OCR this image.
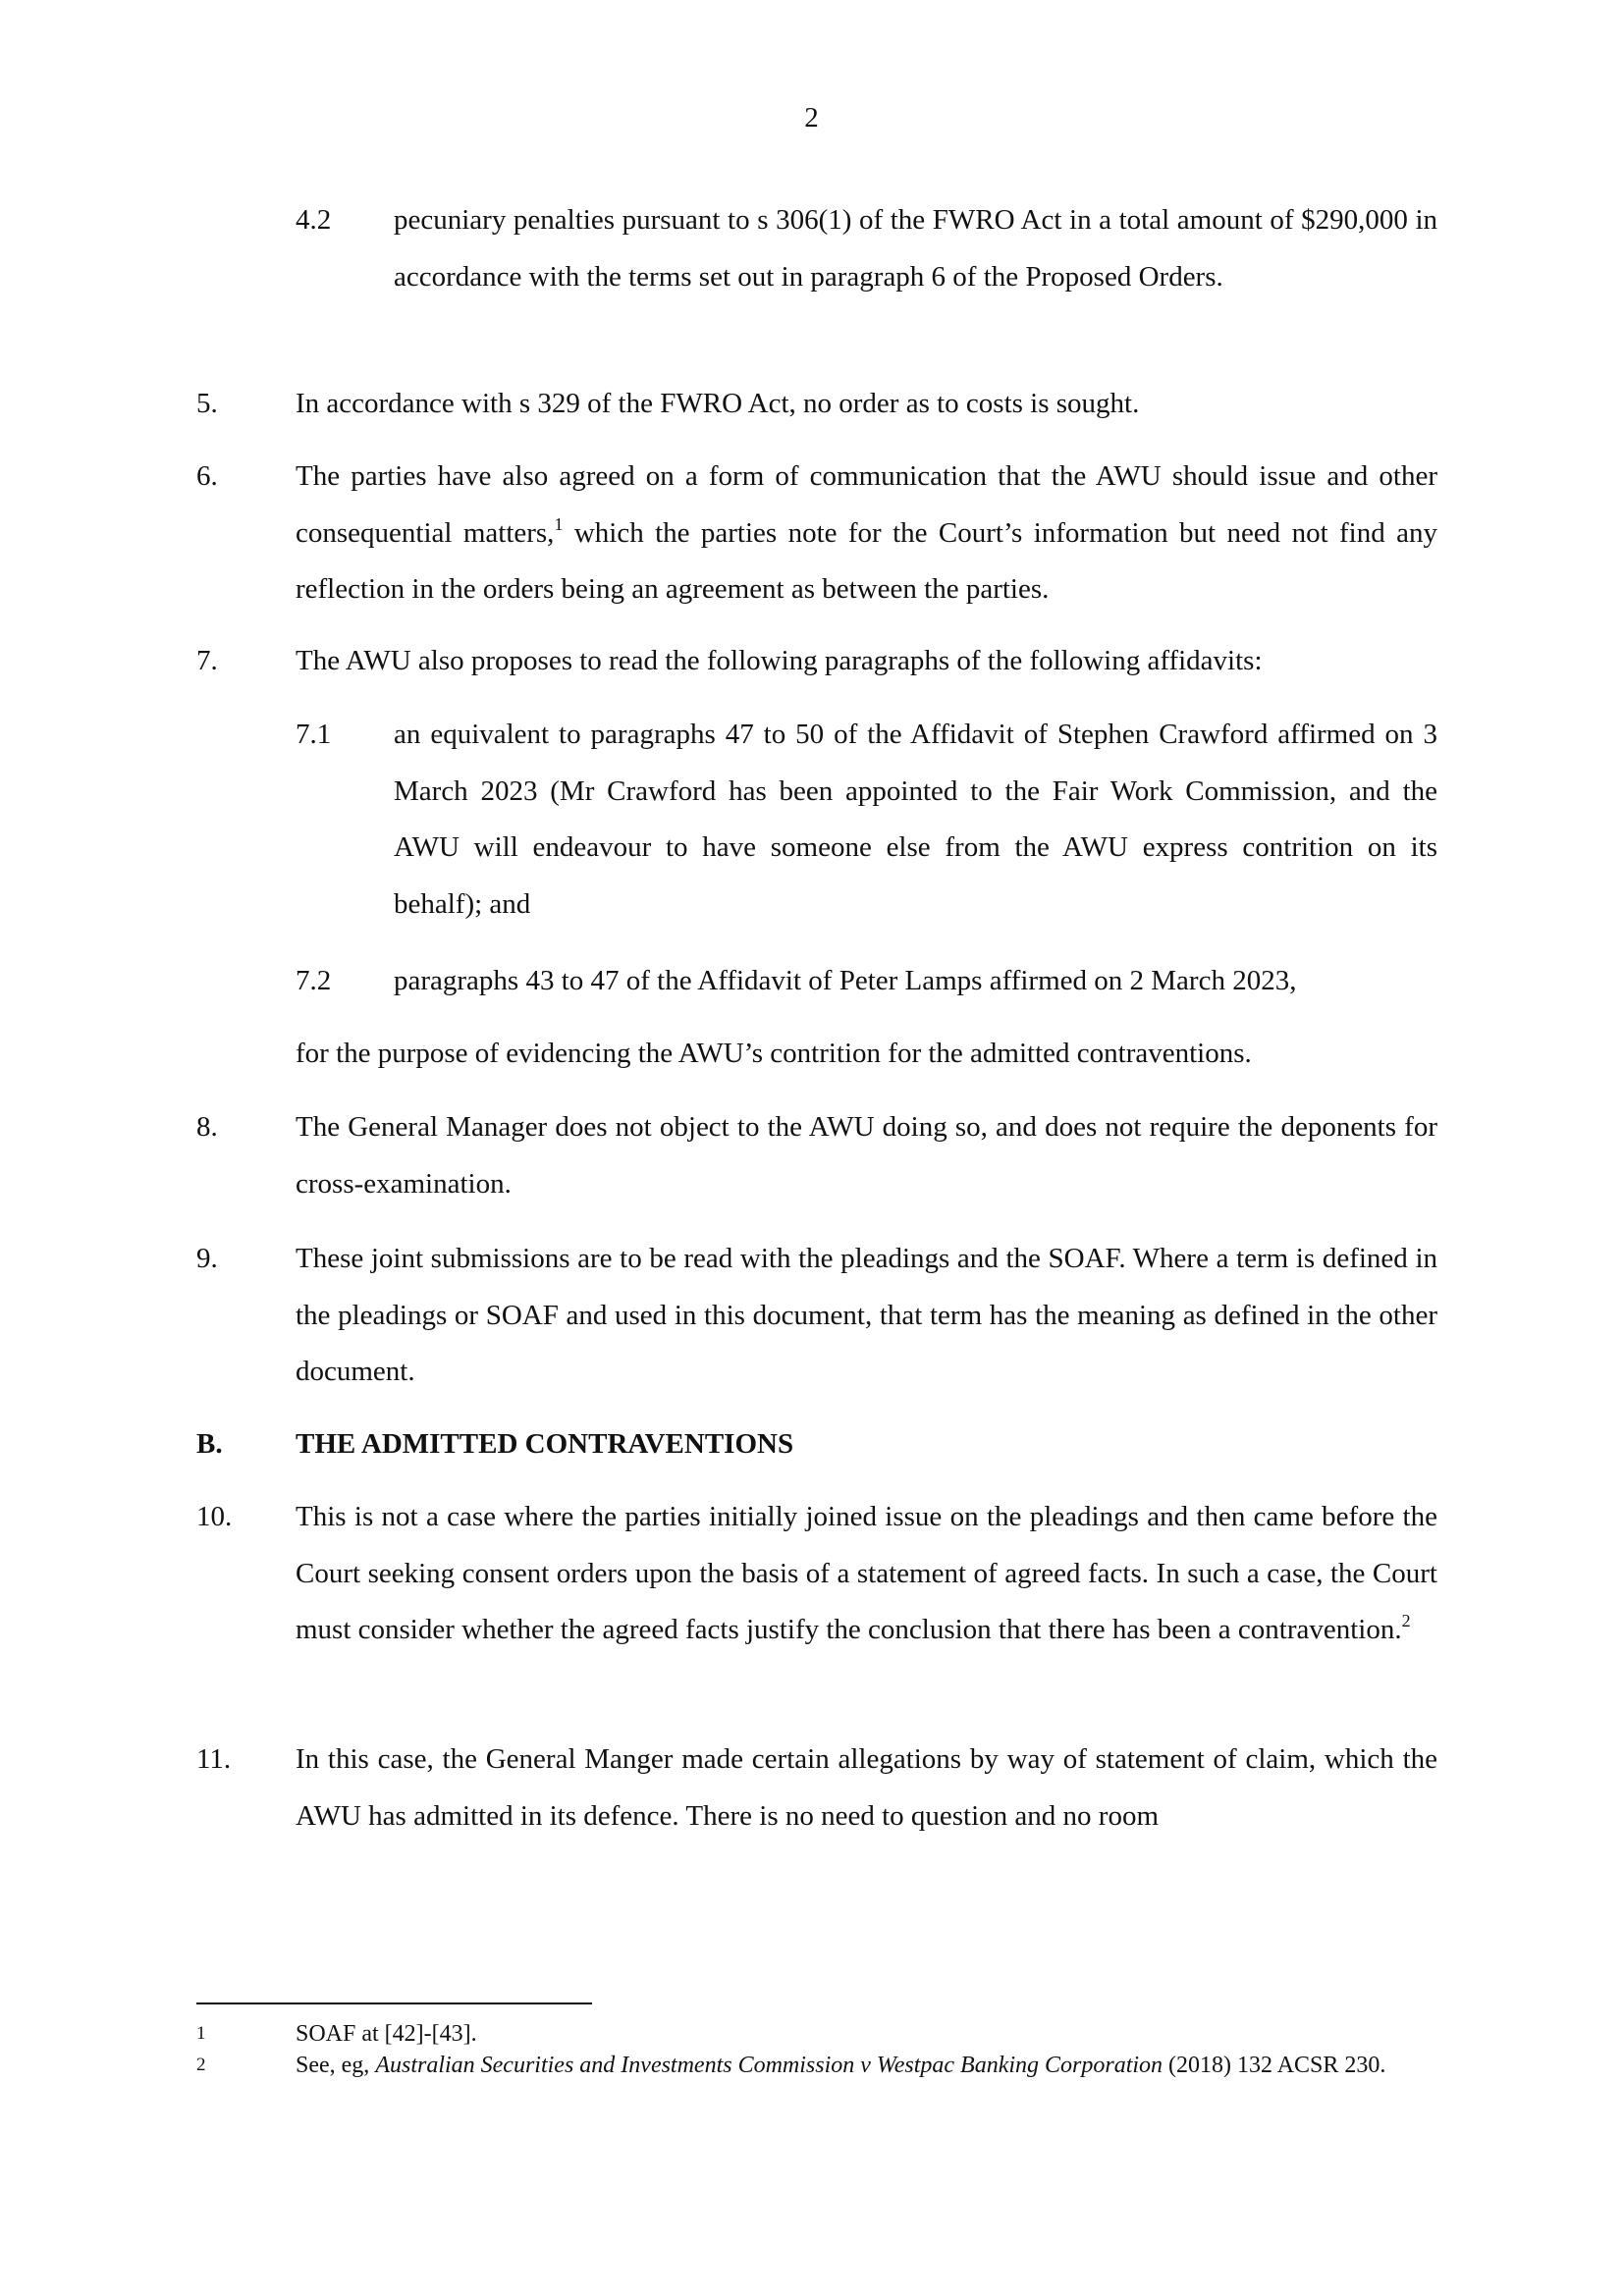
2
4.2 pecuniary penalties pursuant to s 306(1) of the FWRO Act in a total amount of $290,000 in accordance with the terms set out in paragraph 6 of the Proposed Orders.
5.	In accordance with s 329 of the FWRO Act, no order as to costs is sought.
6.	The parties have also agreed on a form of communication that the AWU should issue and other consequential matters,$^1$ which the parties note for the Court’s information but need not find any reflection in the orders being an agreement as between the parties.
7.	The AWU also proposes to read the following paragraphs of the following affidavits:
7.1 an equivalent to paragraphs 47 to 50 of the Affidavit of Stephen Crawford affirmed on 3 March 2023 (Mr Crawford has been appointed to the Fair Work Commission, and the AWU will endeavour to have someone else from the AWU express contrition on its behalf); and
7.2 paragraphs 43 to 47 of the Affidavit of Peter Lamps affirmed on 2 March 2023,
for the purpose of evidencing the AWU’s contrition for the admitted contraventions.
8.	The General Manager does not object to the AWU doing so, and does not require the deponents for cross-examination.
9.	These joint submissions are to be read with the pleadings and the SOAF. Where a term is defined in the pleadings or SOAF and used in this document, that term has the meaning as defined in the other document.
B.	THE ADMITTED CONTRAVENTIONS
10. This is not a case where the parties initially joined issue on the pleadings and then came before the Court seeking consent orders upon the basis of a statement of agreed facts. In such a case, the Court must consider whether the agreed facts justify the conclusion that there has been a contravention.$^2$
11. In this case, the General Manger made certain allegations by way of statement of claim, which the AWU has admitted in its defence. There is no need to question and no room
1	SOAF at [42]-[43].
2	See, eg, Australian Securities and Investments Commission v Westpac Banking Corporation (2018) 132 ACSR 230.
